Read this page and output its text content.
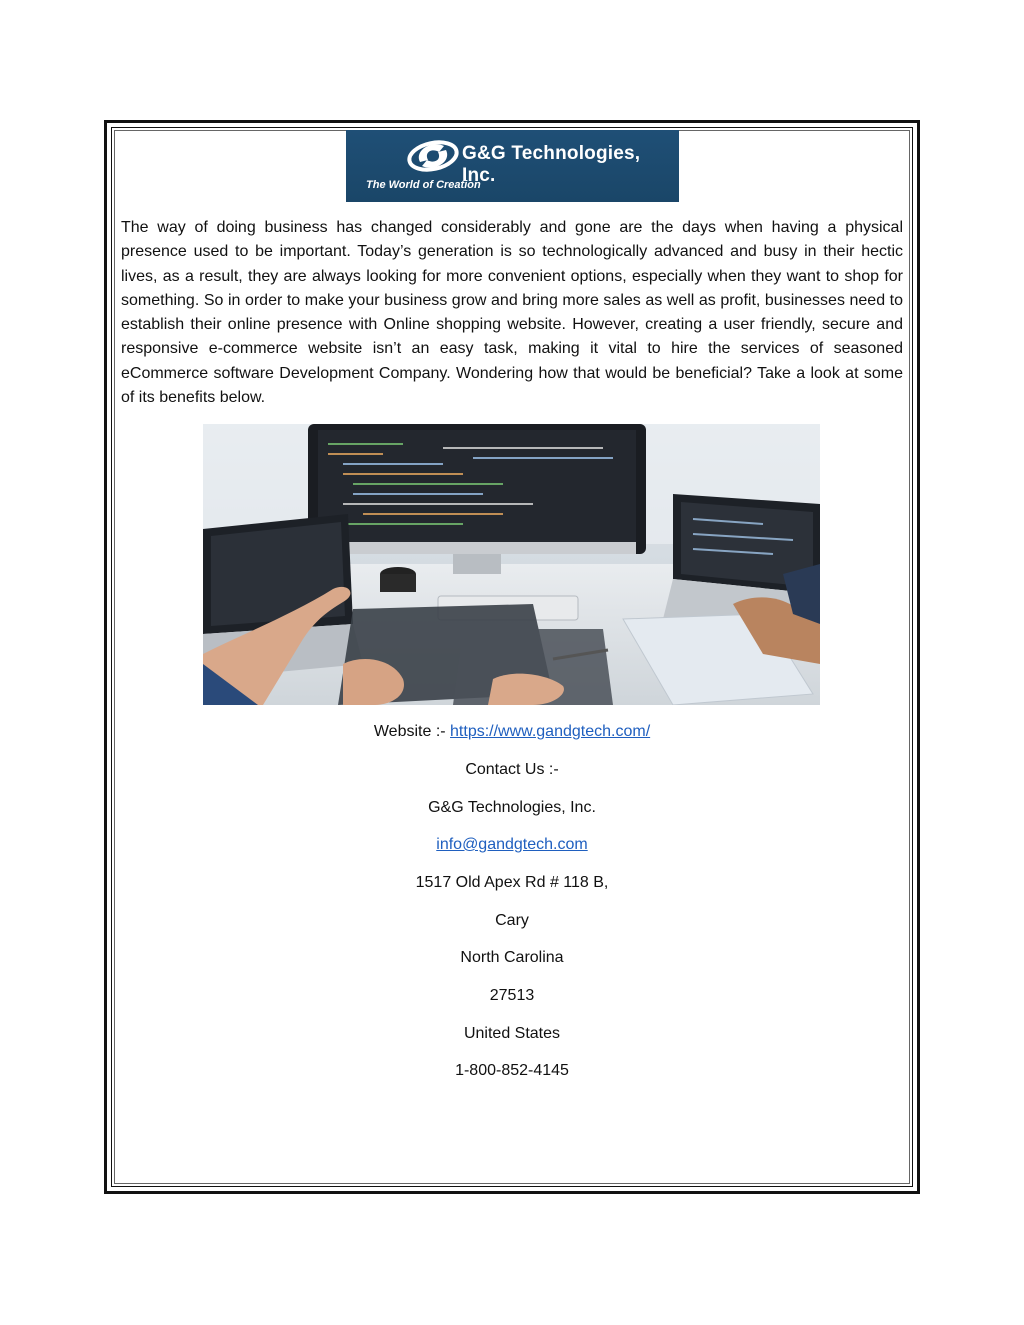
G&G Technologies, Inc.
The World of Creation

The way of doing business has changed considerably and gone are the days when having a physical presence used to be important. Today’s generation is so technologically advanced and busy in their hectic lives, as a result, they are always looking for more convenient options, especially when they want to shop for something. So in order to make your business grow and bring more sales as well as profit, businesses need to establish their online presence with Online shopping website. However, creating a user friendly, secure and responsive e-commerce website isn’t an easy task, making it vital to hire the services of seasoned eCommerce software Development Company. Wondering how that would be beneficial? Take a look at some of its benefits below.

Website :- https://www.gandgtech.com/

Contact Us :-

G&G Technologies, Inc.

info@gandgtech.com

1517 Old Apex Rd # 118 B,

Cary

North Carolina

27513

United States

1-800-852-4145
